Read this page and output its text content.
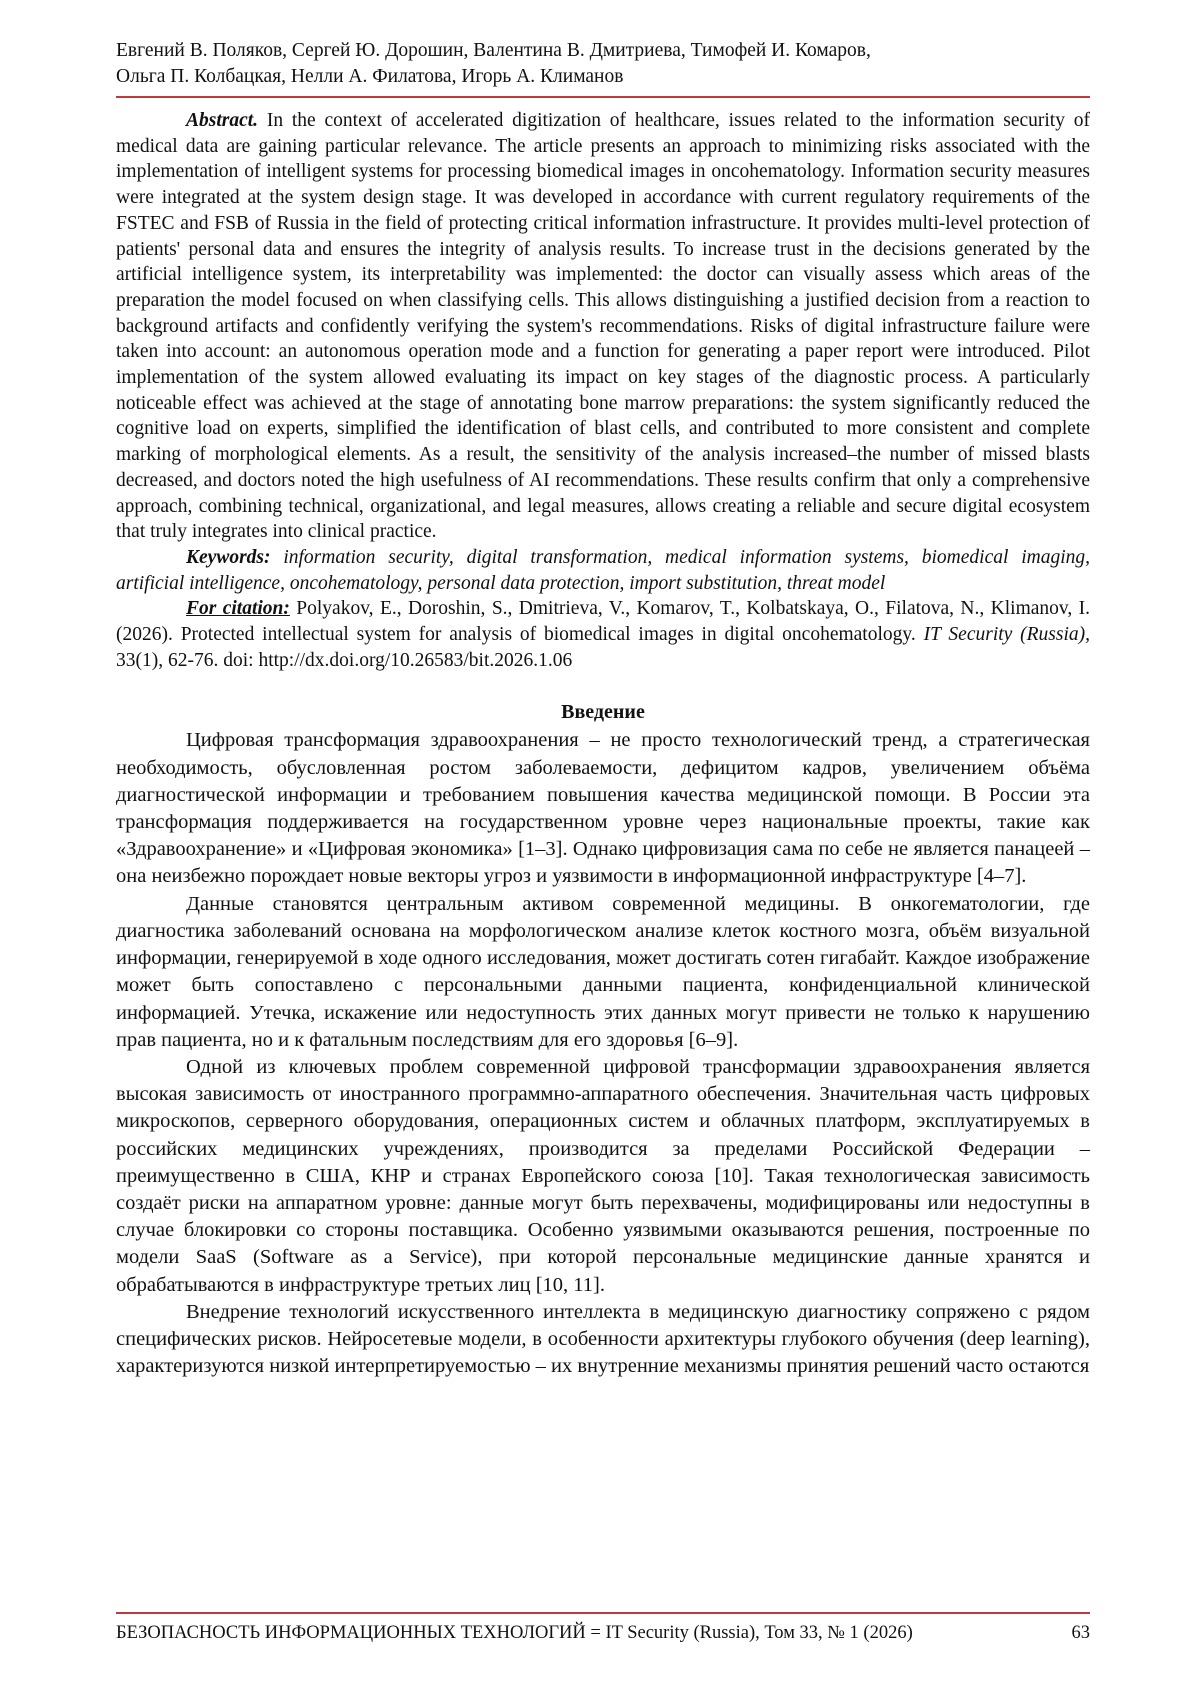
Евгений В. Поляков, Сергей Ю. Дорошин, Валентина В. Дмитриева, Тимофей И. Комаров,

Ольга П. Колбацкая, Нелли А. Филатова, Игорь А. Климанов

Abstract. In the context of accelerated digitization of healthcare, issues related to the information security of medical data are gaining particular relevance. The article presents an approach to minimizing risks associated with the implementation of intelligent systems for processing biomedical images in oncohematology. Information security measures were integrated at the system design stage. It was developed in accordance with current regulatory requirements of the FSTEC and FSB of Russia in the field of protecting critical information infrastructure. It provides multi-level protection of patients' personal data and ensures the integrity of analysis results. To increase trust in the decisions generated by the artificial intelligence system, its interpretability was implemented: the doctor can visually assess which areas of the preparation the model focused on when classifying cells. This allows distinguishing a justified decision from a reaction to background artifacts and confidently verifying the system's recommendations. Risks of digital infrastructure failure were taken into account: an autonomous operation mode and a function for generating a paper report were introduced. Pilot implementation of the system allowed evaluating its impact on key stages of the diagnostic process. A particularly noticeable effect was achieved at the stage of annotating bone marrow preparations: the system significantly reduced the cognitive load on experts, simplified the identification of blast cells, and contributed to more consistent and complete marking of morphological elements. As a result, the sensitivity of the analysis increased–the number of missed blasts decreased, and doctors noted the high usefulness of AI recommendations. These results confirm that only a comprehensive approach, combining technical, organizational, and legal measures, allows creating a reliable and secure digital ecosystem that truly integrates into clinical practice.

Keywords: information security, digital transformation, medical information systems, biomedical imaging, artificial intelligence, oncohematology, personal data protection, import substitution, threat model

For citation: Polyakov, E., Doroshin, S., Dmitrieva, V., Komarov, T., Kolbatskaya, O., Filatova, N., Klimanov, I. (2026). Protected intellectual system for analysis of biomedical images in digital oncohematology. IT Security (Russia), 33(1), 62-76. doi: http://dx.doi.org/10.26583/bit.2026.1.06

Введение

Цифровая трансформация здравоохранения – не просто технологический тренд, а стратегическая необходимость, обусловленная ростом заболеваемости, дефицитом кадров, увеличением объёма диагностической информации и требованием повышения качества медицинской помощи. В России эта трансформация поддерживается на государственном уровне через национальные проекты, такие как «Здравоохранение» и «Цифровая экономика» [1–3]. Однако цифровизация сама по себе не является панацеей – она неизбежно порождает новые векторы угроз и уязвимости в информационной инфраструктуре [4–7].

Данные становятся центральным активом современной медицины. В онкогематологии, где диагностика заболеваний основана на морфологическом анализе клеток костного мозга, объём визуальной информации, генерируемой в ходе одного исследования, может достигать сотен гигабайт. Каждое изображение может быть сопоставлено с персональными данными пациента, конфиденциальной клинической информацией. Утечка, искажение или недоступность этих данных могут привести не только к нарушению прав пациента, но и к фатальным последствиям для его здоровья [6–9].

Одной из ключевых проблем современной цифровой трансформации здравоохранения является высокая зависимость от иностранного программно-аппаратного обеспечения. Значительная часть цифровых микроскопов, серверного оборудования, операционных систем и облачных платформ, эксплуатируемых в российских медицинских учреждениях, производится за пределами Российской Федерации – преимущественно в США, КНР и странах Европейского союза [10]. Такая технологическая зависимость создаёт риски на аппаратном уровне: данные могут быть перехвачены, модифицированы или недоступны в случае блокировки со стороны поставщика. Особенно уязвимыми оказываются решения, построенные по модели SaaS (Software as a Service), при которой персональные медицинские данные хранятся и обрабатываются в инфраструктуре третьих лиц [10, 11].

Внедрение технологий искусственного интеллекта в медицинскую диагностику сопряжено с рядом специфических рисков. Нейросетевые модели, в особенности архитектуры глубокого обучения (deep learning), характеризуются низкой интерпретируемостью – их внутренние механизмы принятия решений часто остаются

БЕЗОПАСНОСТЬ ИНФОРМАЦИОННЫХ ТЕХНОЛОГИЙ = IT Security (Russia), Том 33, № 1 (2026)	63
